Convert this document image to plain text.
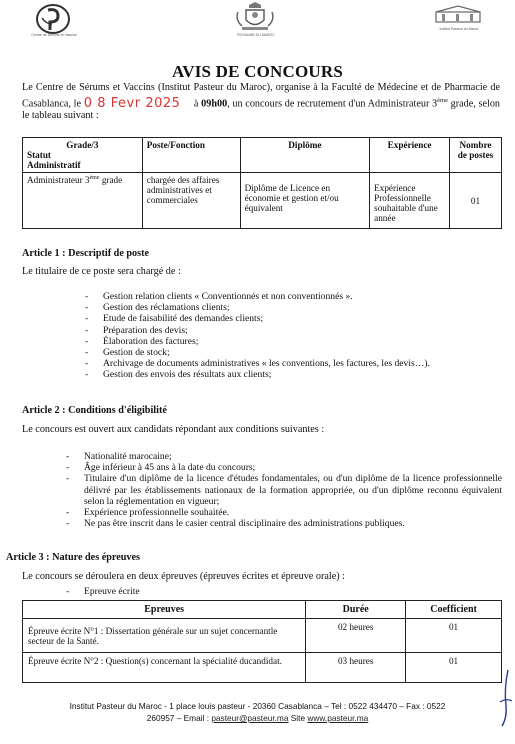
Centre de Sérums et Vaccins	ROYAUME DU MAROC
Institut Pasteur du Maroc
AVIS DE CONCOURS
Le Centre de Sérums et Vaccins (Institut Pasteur du Maroc), organise à la Faculté de Médecine et de Pharmacie de Casablanca, le 0 8 Fevr 2025 à 09h00, un concours de recrutement d'un Administrateur 3ème grade, selon le tableau suivant :
Grade/3
Statut Administratif	Poste/Fonction	Diplôme	Expérience	Nombre de postes
Administrateur 3ème grade	chargée des affaires administratives et commerciales	Diplôme de Licence en économie et gestion et/ou équivalent	Expérience Professionnelle souhaitable d'une année	01
Article 1 : Descriptif de poste
Le titulaire de ce poste sera chargé de :
- Gestion relation clients « Conventionnés et non conventionnés ».
- Gestion des réclamations clients;
- Etude de faisabilité des demandes clients;
- Préparation des devis;
- Élaboration des factures;
- Gestion de stock;
- Archivage de documents administratives « les conventions, les factures, les devis…).
- Gestion des envois des résultats aux clients;
Article 2 : Conditions d'éligibilité
Le concours est ouvert aux candidats répondant aux conditions suivantes :
- Nationalité marocaine;
- Âge inférieur à 45 ans à la date du concours;
- Titulaire d'un diplôme de la licence d'études fondamentales, ou d'un diplôme de la licence professionnelle délivré par les établissements nationaux de la formation appropriée, ou d'un diplôme reconnu équivalent selon la réglementation en vigueur;
- Expérience professionnelle souhaitée.
- Ne pas être inscrit dans le casier central disciplinaire des administrations publiques.
Article 3 : Nature des épreuves
Le concours se déroulera en deux épreuves (épreuves écrites et épreuve orale) :
- Epreuve écrite
Epreuves	Durée	Coefficient
Épreuve écrite N°1 : Dissertation générale sur un sujet concernantle secteur de la Santé.	02 heures	01
Épreuve écrite N°2 : Question(s) concernant la spécialité ducandidat.	03 heures	01
Institut Pasteur du Maroc - 1 place louis pasteur - 20360 Casablanca – Tel : 0522 434470 – Fax : 0522
260957 – Email : pasteur@pasteur.ma Site www.pasteur.ma
